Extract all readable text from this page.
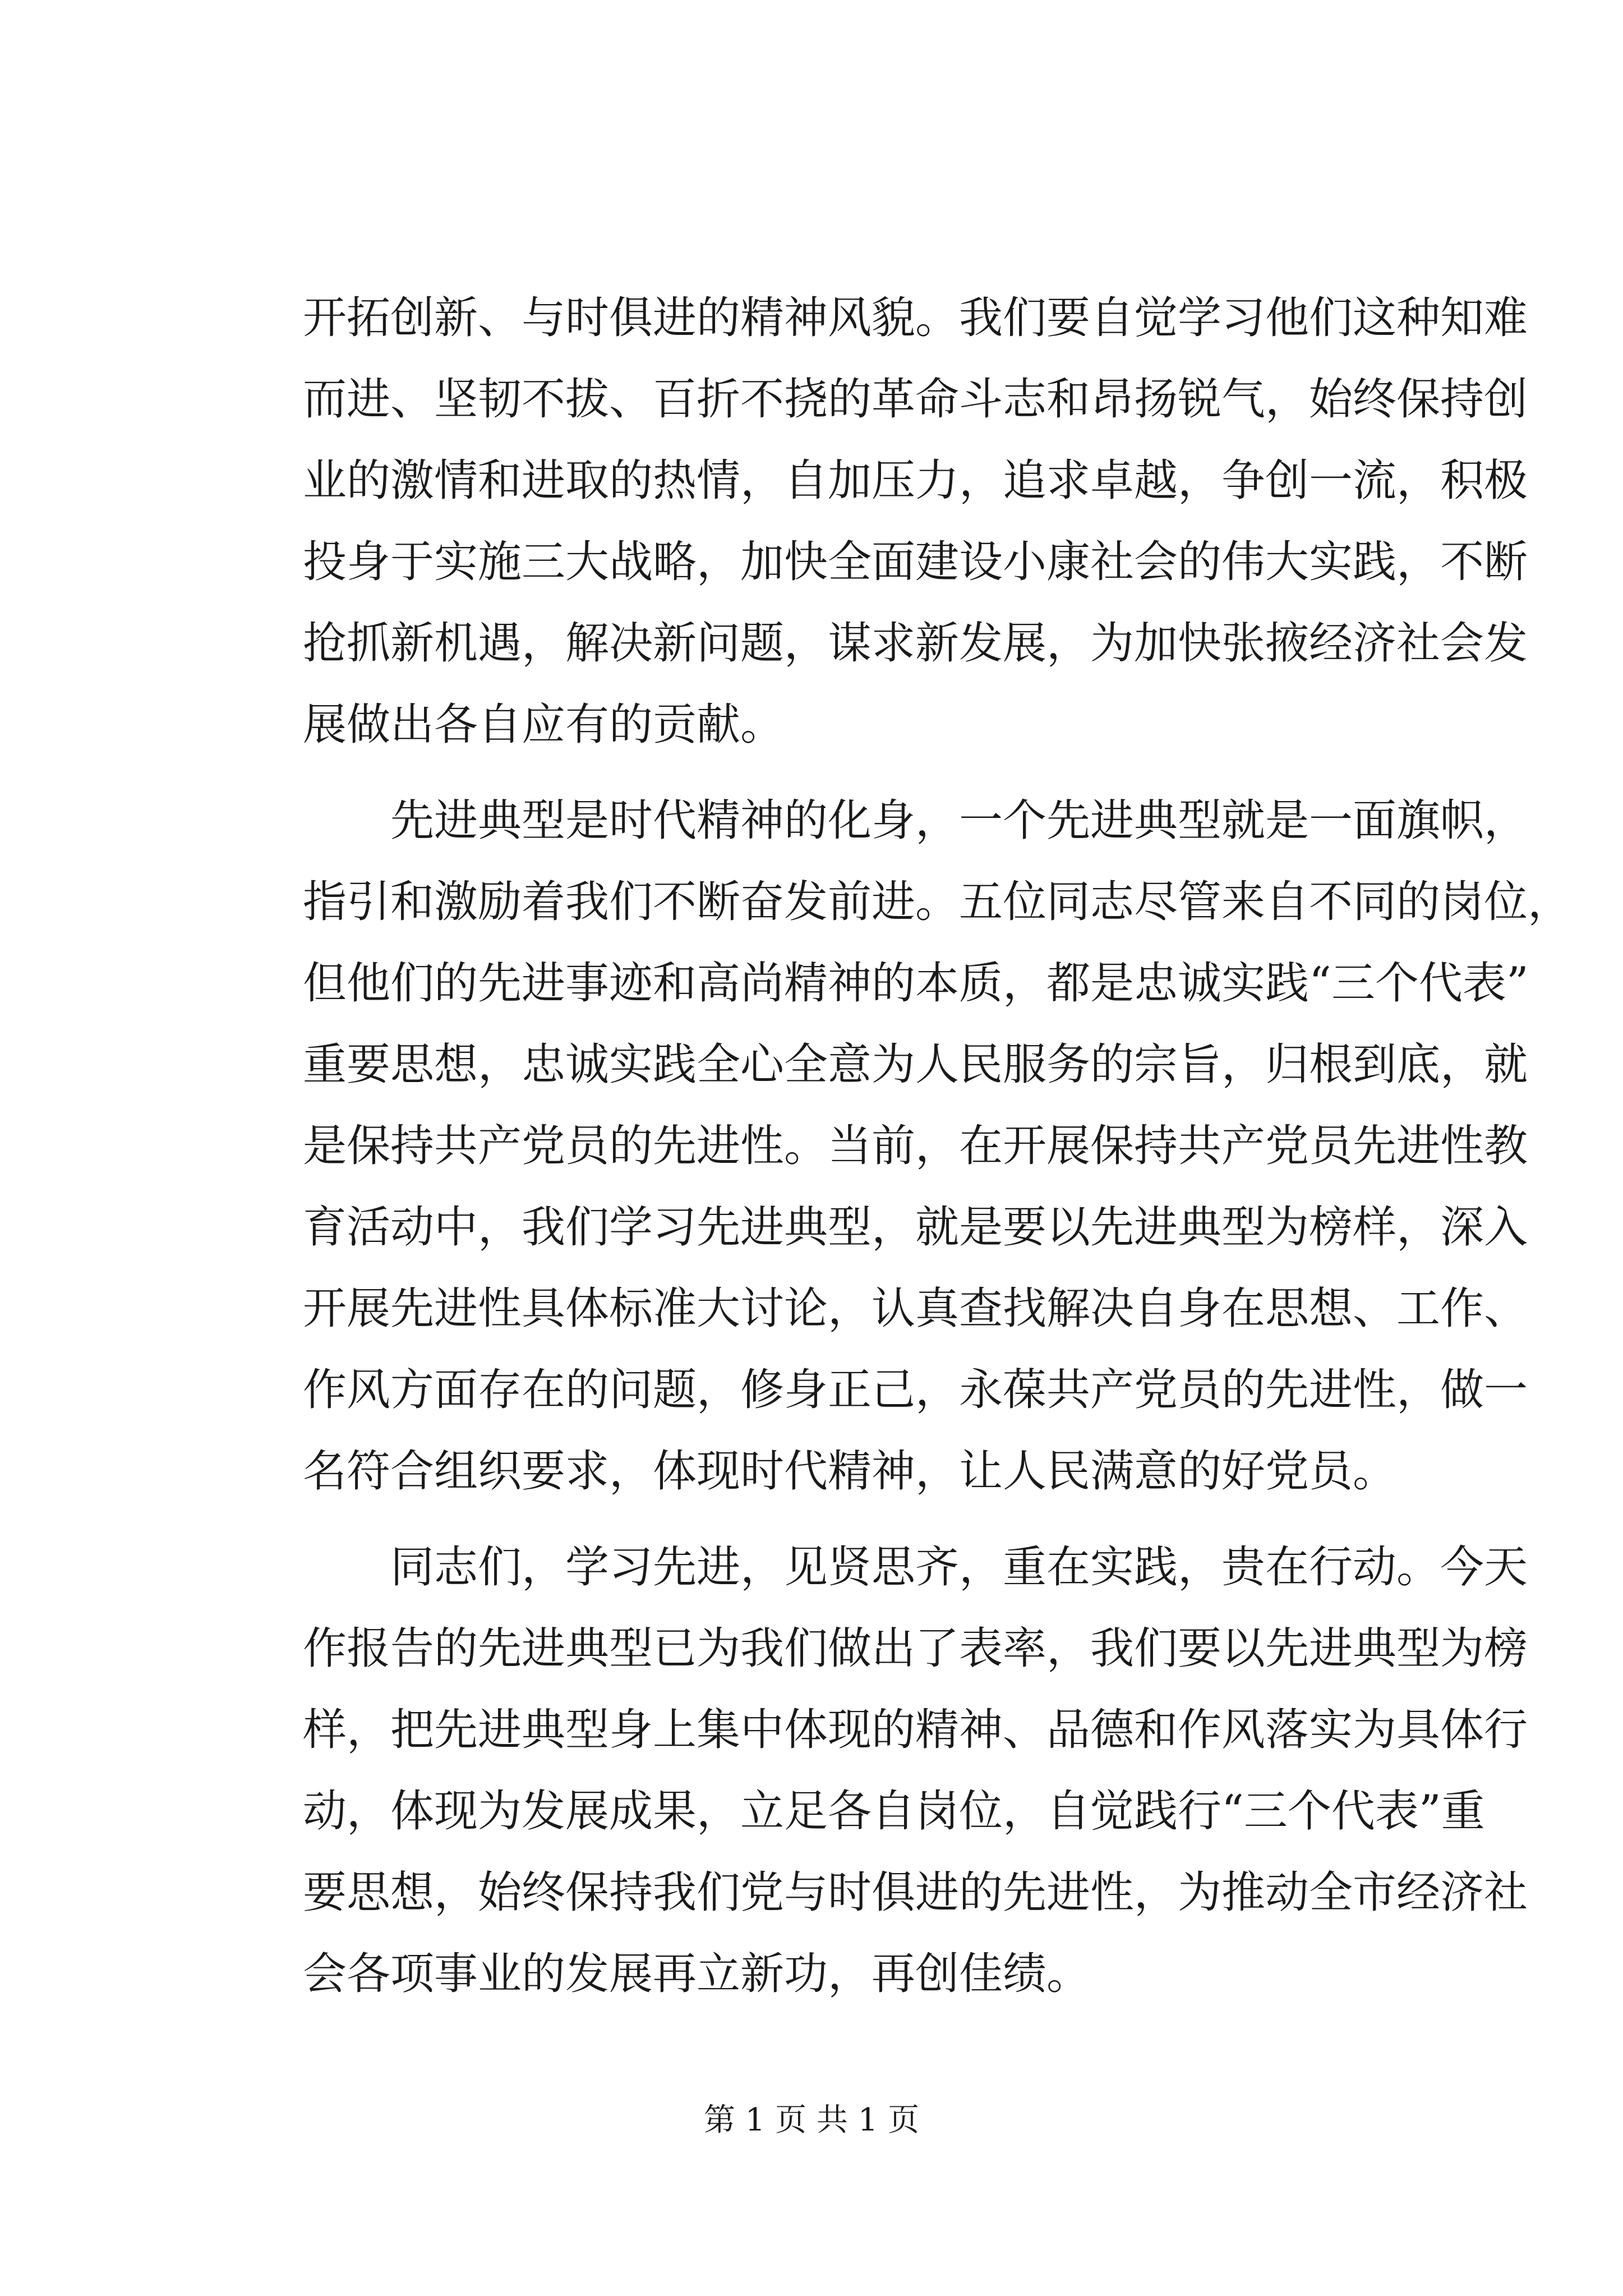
开拓创新、与时俱进的精神风貌。我们要自觉学习他们这种知难
而进、坚韧不拔、百折不挠的革命斗志和昂扬锐气，始终保持创
业的激情和进取的热情，自加压力，追求卓越，争创一流，积极
投身于实施三大战略，加快全面建设小康社会的伟大实践，不断
抢抓新机遇，解决新问题，谋求新发展，为加快张掖经济社会发
展做出各自应有的贡献。
先进典型是时代精神的化身，一个先进典型就是一面旗帜，
指引和激励着我们不断奋发前进。五位同志尽管来自不同的岗位，
但他们的先进事迹和高尚精神的本质，都是忠诚实践“三个代表”
重要思想，忠诚实践全心全意为人民服务的宗旨，归根到底，就
是保持共产党员的先进性。当前，在开展保持共产党员先进性教
育活动中，我们学习先进典型，就是要以先进典型为榜样，深入
开展先进性具体标准大讨论，认真查找解决自身在思想、工作、
作风方面存在的问题，修身正己，永葆共产党员的先进性，做一
名符合组织要求，体现时代精神，让人民满意的好党员。
同志们，学习先进，见贤思齐，重在实践，贵在行动。今天
作报告的先进典型已为我们做出了表率，我们要以先进典型为榜
样，把先进典型身上集中体现的精神、品德和作风落实为具体行
动，体现为发展成果，立足各自岗位，自觉践行“三个代表”重
要思想，始终保持我们党与时俱进的先进性，为推动全市经济社
会各项事业的发展再立新功，再创佳绩。
第 1 页 共 1 页
